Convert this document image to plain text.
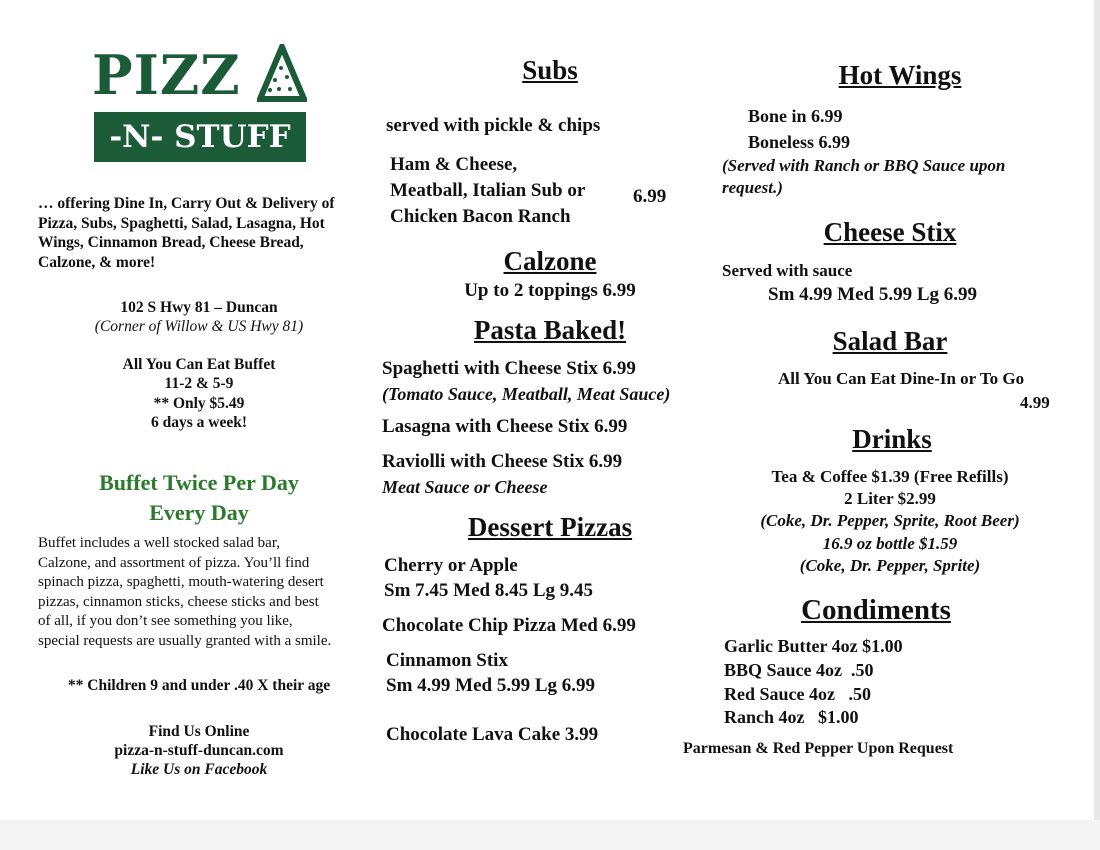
PIZZ
-N- STUFF
… offering Dine In, Carry Out & Delivery of Pizza, Subs, Spaghetti, Salad, Lasagna, Hot Wings, Cinnamon Bread, Cheese Bread, Calzone, & more!
102 S Hwy 81 – Duncan
(Corner of Willow & US Hwy 81)
All You Can Eat Buffet
11-2 & 5-9
** Only $5.49
6 days a week!
Buffet Twice Per Day
Every Day
Buffet includes a well stocked salad bar,
Calzone, and assortment of pizza. You’ll find
spinach pizza, spaghetti, mouth-watering desert
pizzas, cinnamon sticks, cheese sticks and best
of all, if you don’t see something you like,
special requests are usually granted with a smile.
** Children 9 and under .40 X their age
Find Us Online
pizza-n-stuff-duncan.com
Like Us on Facebook
Subs
served with pickle & chips
Ham & Cheese,
Meatball, Italian Sub or
Chicken Bacon Ranch
6.99
Calzone
Up to 2 toppings 6.99
Pasta Baked!
Spaghetti with Cheese Stix 6.99
(Tomato Sauce, Meatball, Meat Sauce)
Lasagna with Cheese Stix 6.99
Raviolli with Cheese Stix 6.99
Meat Sauce or Cheese
Dessert Pizzas
Cherry or Apple
Sm 7.45 Med 8.45 Lg 9.45
Chocolate Chip Pizza Med 6.99
Cinnamon Stix
Sm 4.99 Med 5.99 Lg 6.99
Chocolate Lava Cake 3.99
Hot Wings
Bone in 6.99
Boneless 6.99
(Served with Ranch or BBQ Sauce upon
request.)
Cheese Stix
Served with sauce
Sm 4.99 Med 5.99 Lg 6.99
Salad Bar
All You Can Eat Dine-In or To Go
4.99
Drinks
Tea & Coffee $1.39 (Free Refills)
2 Liter $2.99
(Coke, Dr. Pepper, Sprite, Root Beer)
16.9 oz bottle $1.59
(Coke, Dr. Pepper, Sprite)
Condiments
Garlic Butter 4oz $1.00
BBQ Sauce 4oz  .50
Red Sauce 4oz   .50
Ranch 4oz   $1.00
Parmesan & Red Pepper Upon Request
